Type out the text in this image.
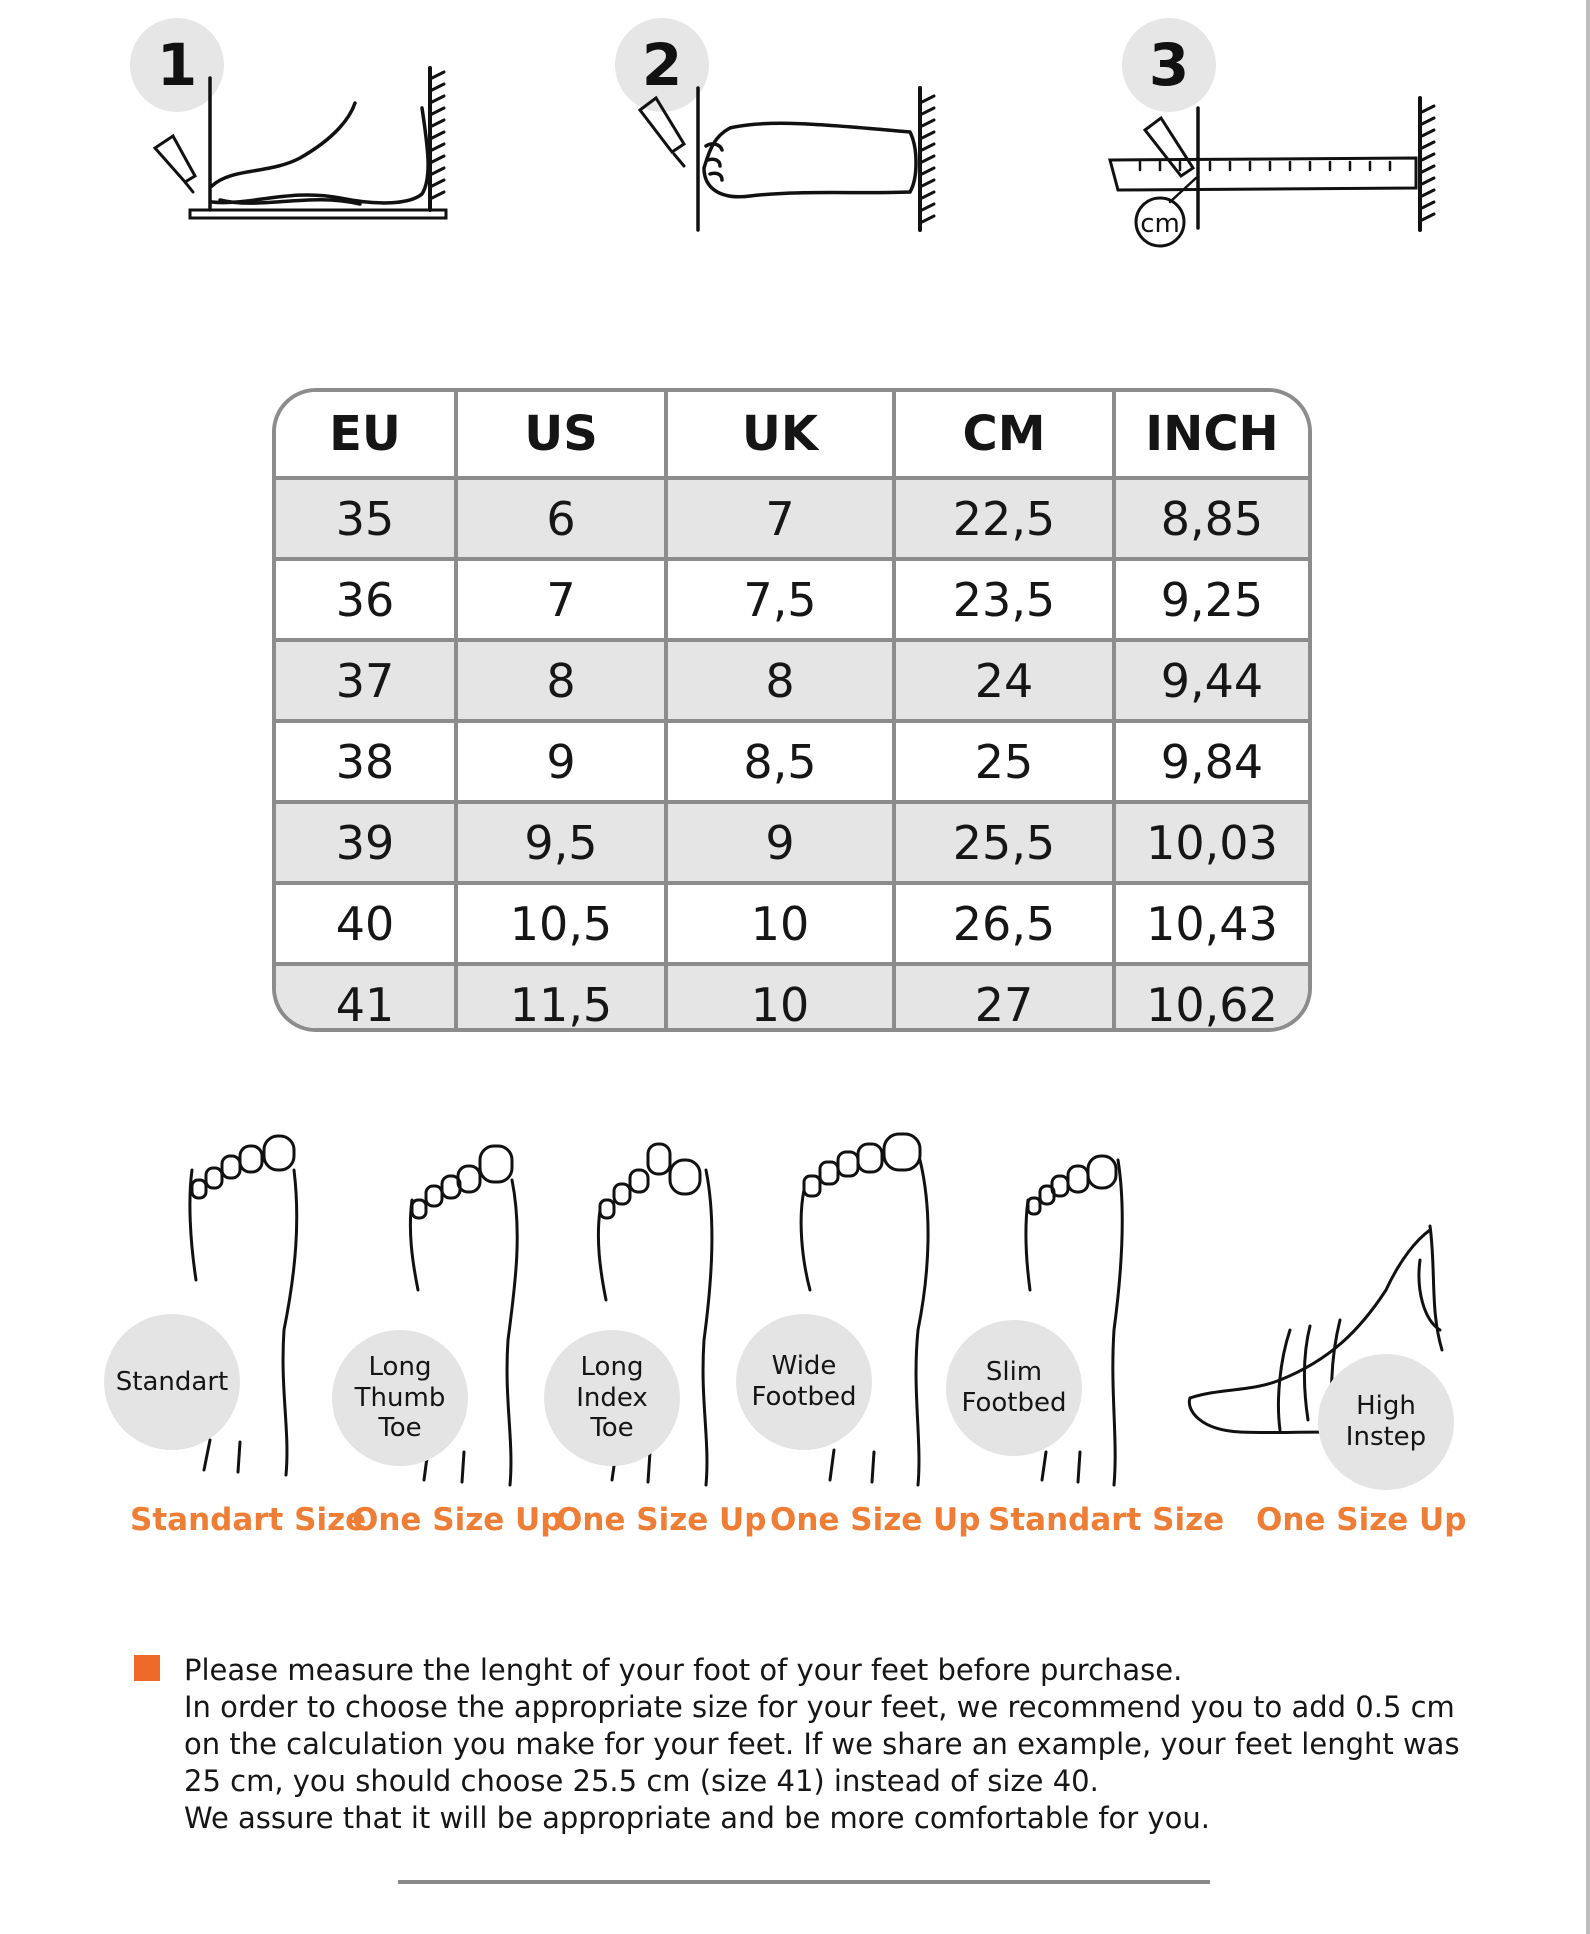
1	2	3
cm
EU	US	UK	CM	INCH
35	6	7	22,5	8,85
36	7	7,5	23,5	9,25
37	8	8	24	9,44
38	9	8,5	25	9,84
39	9,5	9	25,5	10,03
40	10,5	10	26,5	10,43
41	11,5	10	27	10,62
Standart
Standart Size
Long Thumb Toe
One Size Up
Long Index Toe
One Size Up
Wide Footbed
One Size Up
Slim Footbed
Standart Size
High Instep
One Size Up

Please measure the lenght of your foot of your feet before purchase.

In order to choose the appropriate size for your feet, we recommend you to add 0.5 cm

on the calculation you make for your feet. If we share an example, your feet lenght was

25 cm, you should choose 25.5 cm (size 41) instead of size 40.

We assure that it will be appropriate and be more comfortable for you.
